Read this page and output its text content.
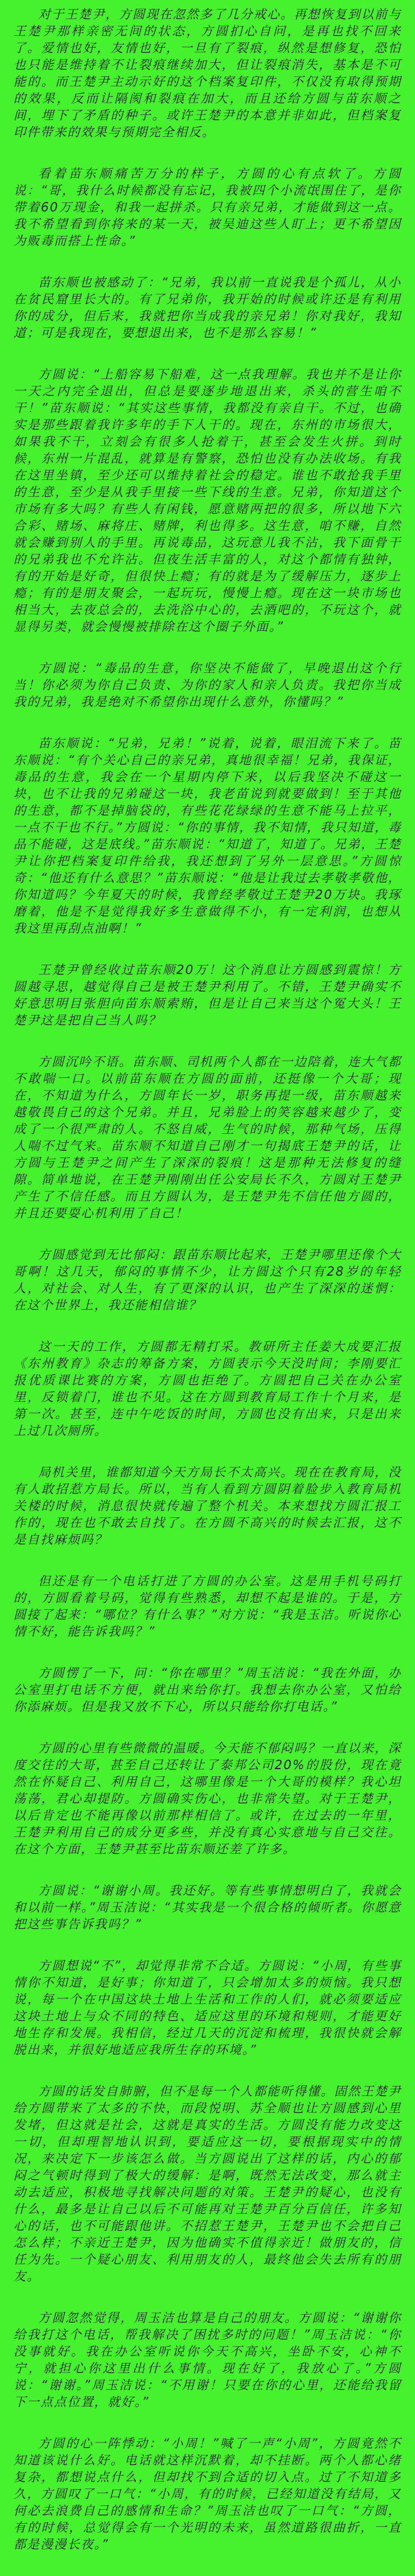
对于王楚尹，方圆现在忽然多了几分戒心。再想恢复到以前与王楚尹那样亲密无间的状态，方圆扪心自问，是再也找不回来了。爱情也好，友情也好，一旦有了裂痕，纵然是想修复，恐怕也只能是维持着不让裂痕继续加大，但让裂痕消失，基本是不可能的。而王楚尹主动示好的这个档案复印件，不仅没有取得预期的效果，反而让隔阂和裂痕在加大，而且还给方圆与苗东顺之间，埋下了矛盾的种子。或许王楚尹的本意并非如此，但档案复印件带来的效果与预期完全相反。

看着苗东顺痛苦万分的样子，方圆的心有点软了。方圆说：“哥，我什么时候都没有忘记，我被四个小流氓围住了，是你带着60万现金，和我一起拼杀。只有亲兄弟，才能做到这一点。我不希望看到你将来的某一天，被吴迪这些人盯上；更不希望因为贩毒而搭上性命。”

苗东顺也被感动了：“兄弟，我以前一直说我是个孤儿，从小在贫民窟里长大的。有了兄弟你，我开始的时候或许还是有利用你的成分，但后来，我就把你当成我的亲兄弟！你对我好，我知道；可是我现在，要想退出来，也不是那么容易！”

方圆说：“上船容易下船难，这一点我理解。我也并不是让你一天之内完全退出，但总是要逐步地退出来，杀头的营生咱不干！”苗东顺说：“其实这些事情，我都没有亲自干。不过，也确实是那些跟着我许多年的手下人干的。现在，东州的市场很大，如果我不干，立刻会有很多人抢着干，甚至会发生火拼。到时候，东州一片混乱，就算是有警察，恐怕也没有办法收场。有我在这里坐镇，至少还可以维持着社会的稳定。谁也不敢抢我手里的生意，至少是从我手里接一些下线的生意。兄弟，你知道这个市场有多大吗？有些人有闲钱，愿意赌两把的很多，所以地下六合彩、赌场、麻将庄、赌牌，利也得多。这生意，咱不赚，自然就会赚到别人的手里。再说毒品，这玩意儿我不沾，我下面骨干的兄弟我也不允许沾。但夜生活丰富的人，对这个都情有独钟，有的开始是好奇，但很快上瘾；有的就是为了缓解压力，逐步上瘾；有的是朋友聚会，一起玩玩，慢慢上瘾。现在这一块市场也相当大，去夜总会的，去洗浴中心的，去酒吧的，不玩这个，就显得另类，就会慢慢被排除在这个圈子外面。”

方圆说：“毒品的生意，你坚决不能做了，早晚退出这个行当！你必须为你自己负责、为你的家人和亲人负责。我把你当成我的兄弟，我是绝对不希望你出现什么意外，你懂吗？”

苗东顺说：“兄弟，兄弟！”说着，说着，眼泪流下来了。苗东顺说：“有个关心自己的亲兄弟，真地很幸福！兄弟，我保证，毒品的生意，我会在一个星期内停下来，以后我坚决不碰这一块，也不让我的兄弟碰这一块，我老苗说到就要做到！至于其他的生意，都不是掉脑袋的，有些花花绿绿的生意不能马上拉平，一点不干也不行。”方圆说：“你的事情，我不知情，我只知道，毒品不能碰，这是底线。”苗东顺说：“知道了，知道了。兄弟，王楚尹让你把档案复印件给我，我还想到了另外一层意思。”方圆惊奇：“他还有什么意思？”苗东顺说：“他是让我过去孝敬孝敬他，你知道吗？今年夏天的时候，我曾经孝敬过王楚尹20万块。我琢磨着，他是不是觉得我好多生意做得不小，有一定利润，也想从我这里再刮点油啊！”

王楚尹曾经收过苗东顺20万！这个消息让方圆感到震惊！方圆越寻思，越觉得自己是被王楚尹利用了。不错，王楚尹确实不好意思明目张胆向苗东顺索贿，但是让自己来当这个冤大头！王楚尹这是把自己当人吗？

方圆沉吟不语。苗东顺、司机两个人都在一边陪着，连大气都不敢喘一口。以前苗东顺在方圆的面前，还挺像一个大哥；现在，不知道为什么，方圆年长一岁，职务再提一级，苗东顺越来越敬畏自己的这个兄弟。并且，兄弟脸上的笑容越来越少了，变成了一个很严肃的人。不怒自威，生气的时候，那种气场，压得人喘不过气来。苗东顺不知道自己刚才一句揭底王楚尹的话，让方圆与王楚尹之间产生了深深的裂痕！这是那种无法修复的缝隙。简单地说，在王楚尹刚刚出任公安局长不久，方圆对王楚尹产生了不信任感。而且方圆认为，是王楚尹先不信任他方圆的，并且还要耍心机利用了自己！

方圆感觉到无比郁闷：跟苗东顺比起来，王楚尹哪里还像个大哥啊！这几天，郁闷的事情不少，让方圆这个只有28岁的年轻人，对社会、对人生，有了更深的认识，也产生了深深的迷惘：在这个世界上，我还能相信谁？

这一天的工作，方圆都无精打采。教研所主任姜大成要汇报《东州教育》杂志的筹备方案，方圆表示今天没时间；李刚要汇报优质课比赛的方案，方圆也拒绝了。方圆把自己关在办公室里，反锁着门，谁也不见。这在方圆到教育局工作十个月来，是第一次。甚至，连中午吃饭的时间，方圆也没有出来，只是出来上过几次厕所。

局机关里，谁都知道今天方局长不太高兴。现在在教育局，没有人敢招惹方局长。所以，当有人看到方圆阴着脸步入教育局机关楼的时候，消息很快就传遍了整个机关。本来想找方圆汇报工作的，现在也不敢去自找了。在方圆不高兴的时候去汇报，这不是自找麻烦吗？

但还是有一个电话打进了方圆的办公室。这是用手机号码打的，方圆看着号码，觉得有些熟悉，却想不起是谁的。于是，方圆接了起来：“哪位？有什么事？”对方说：“我是玉洁。听说你心情不好，能告诉我吗？”

方圆愣了一下，问：“你在哪里？”周玉洁说：“我在外面，办公室里打电话不方便，就出来给你打。我想去你办公室，又怕给你添麻烦。但是我又放不下心，所以只能给你打电话。”

方圆的心里有些微微的温暖。今天能不郁闷吗？一直以来，深度交往的大哥，甚至自己还转让了泰邦公司20%的股份，现在竟然在怀疑自己、利用自己，这哪里像是一个大哥的模样？我心坦荡荡，君心却提防。方圆确实伤心，也非常失望。对于王楚尹，以后肯定也不能再像以前那样相信了。或许，在过去的一年里，王楚尹利用自己的成分更多些，并没有真心实意地与自己交往。在这个方面，王楚尹甚至比苗东顺还差了许多。

方圆说：“谢谢小周。我还好。等有些事情想明白了，我就会和以前一样。”周玉洁说：“其实我是一个很合格的倾听者。你愿意把这些事告诉我吗？”

方圆想说“不”，却觉得非常不合适。方圆说：“小周，有些事情你不知道，是好事；你知道了，只会增加太多的烦恼。我只想说，每一个在中国这块土地上生活和工作的人们，就必须要适应这块土地上与众不同的特色、适应这里的环境和规则，才能更好地生存和发展。我相信，经过几天的沉淀和梳理，我很快就会解脱出来，并很好地适应我所生存的环境。”

方圆的话发自肺腑，但不是每一个人都能听得懂。固然王楚尹给方圆带来了太多的不快，而段悦明、苏全顺也让方圆感到心里发堵，但这就是社会，这就是真实的生活。方圆没有能力改变这一切，但却理智地认识到，要适应这一切，要根据现实中的情况，来决定下一步该怎么做。当方圆说出了这样的话，内心的郁闷之气顿时得到了极大的缓解：是啊，既然无法改变，那么就主动去适应，积极地寻找解决问题的对策。王楚尹的疑心，也没有什么，最多是让自己以后不可能再对王楚尹百分百信任，许多知心的话，也不可能跟他讲。不招惹王楚尹，王楚尹也不会把自己怎么样；不亲近王楚尹，因为他确实不值得亲近！做朋友的，信任为先。一个疑心朋友、利用朋友的人，最终他会失去所有的朋友。

方圆忽然觉得，周玉洁也算是自己的朋友。方圆说：“谢谢你给我打这个电话，帮我解决了困扰多时的问题！”周玉洁说：“你没事就好。我在办公室听说你今天不高兴，坐卧不安，心神不宁，就担心你这里出什么事情。现在好了，我放心了。”方圆说：“谢谢。”周玉洁说：“不用谢！只要在你的心里，还能给我留下一点点位置，就好。”

方圆的心一阵悸动：“小周！”喊了一声“小周”，方圆竟然不知道该说什么好。电话就这样沉默着，却不挂断。两个人都心绪复杂，都想说点什么，但却找不到合适的切入点。过了不知道多久，方圆叹了一口气：“小周，有的时候，已经知道没有结局，又何必去浪费自己的感情和生命？”周玉洁也叹了一口气：“方圆，有的时候，总觉得会有一个光明的未来，虽然道路很曲折，一直都是漫漫长夜。”
